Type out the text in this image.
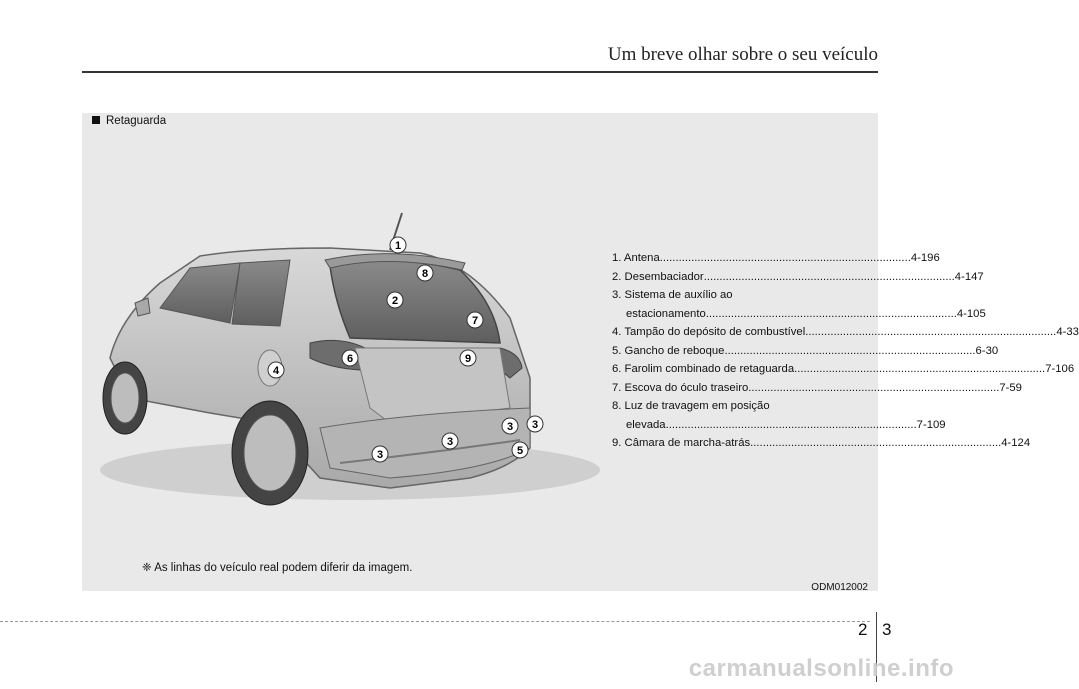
Um breve olhar sobre o seu veículo
Retaguarda
1
8
2
7
6	9
4
3 3
3
3	5
1. Antena ................................................................................ 4-196
2. Desembaciador ................................................................................ 4-147
3. Sistema de auxílio ao
estacionamento ................................................................................ 4-105
4. Tampão do depósito de combustível ................................................................................ 4-33
5. Gancho de reboque ................................................................................ 6-30
6. Farolim combinado de retaguarda ................................................................................ 7-106
7. Escova do óculo traseiro ................................................................................ 7-59
8. Luz de travagem em posição
elevada ................................................................................ 7-109
9. Câmara de marcha-atrás ................................................................................ 4-124
❈ As linhas do veículo real podem diferir da imagem.
ODM012002
2 3
carmanualsonline.info
